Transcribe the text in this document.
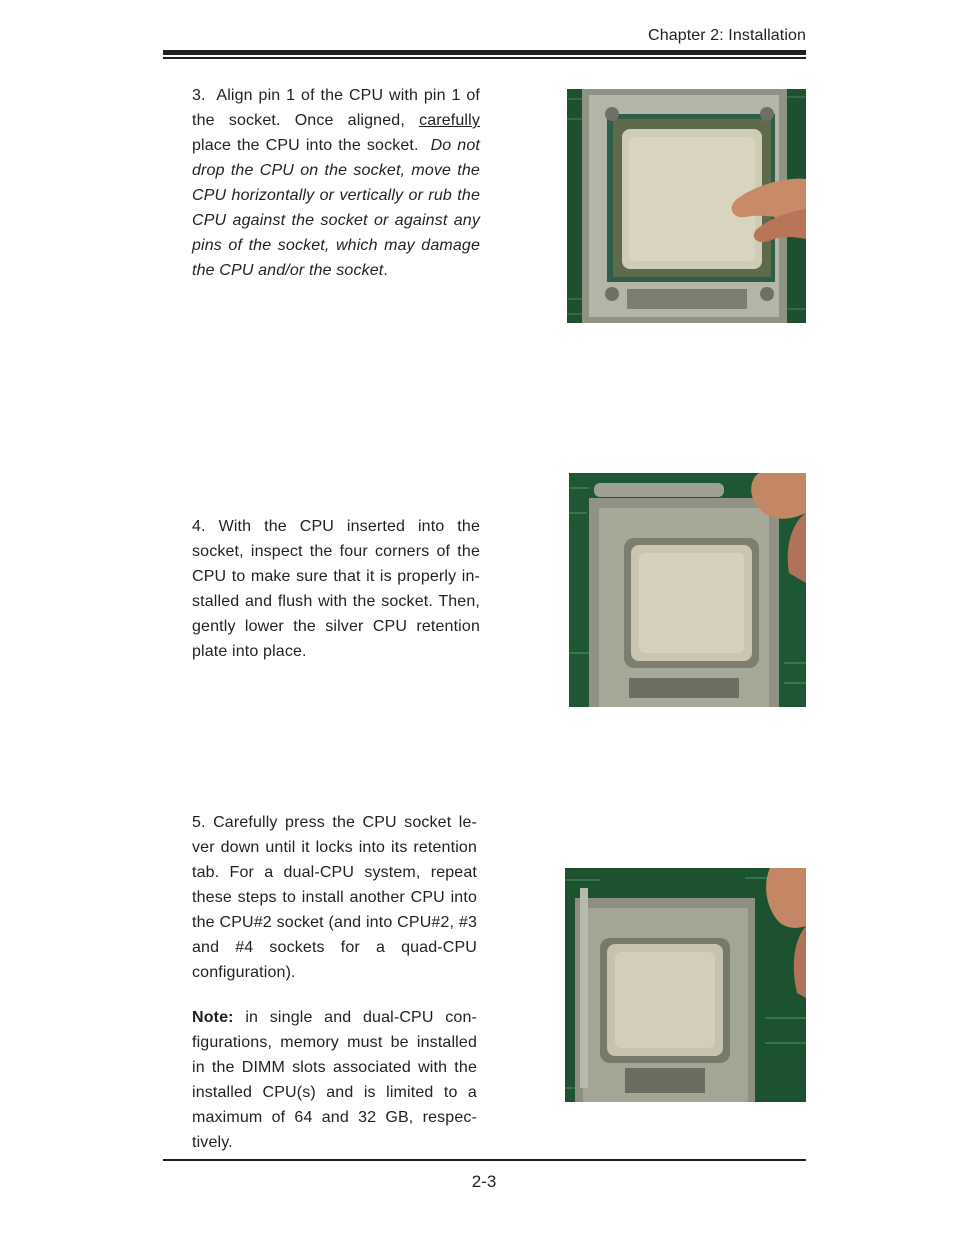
Chapter 2: Installation
3. Align pin 1 of the CPU with pin 1 of the socket. Once aligned, carefully place the CPU into the socket. Do not drop the CPU on the socket, move the CPU horizontally or vertically or rub the CPU against the socket or against any pins of the socket, which may damage the CPU and/or the socket.
4. With the CPU inserted into the socket, inspect the four corners of the CPU to make sure that it is properly in- stalled and flush with the socket. Then, gently lower the silver CPU retention plate into place.
5. Carefully press the CPU socket le- ver down until it locks into its retention tab. For a dual-CPU system, repeat these steps to install another CPU into the CPU#2 socket (and into CPU#2, #3 and #4 sockets for a quad-CPU configuration).
Note: in single and dual-CPU con- figurations, memory must be installed in the DIMM slots associated with the installed CPU(s) and is limited to a maximum of 64 and 32 GB, respec- tively.
2-3
